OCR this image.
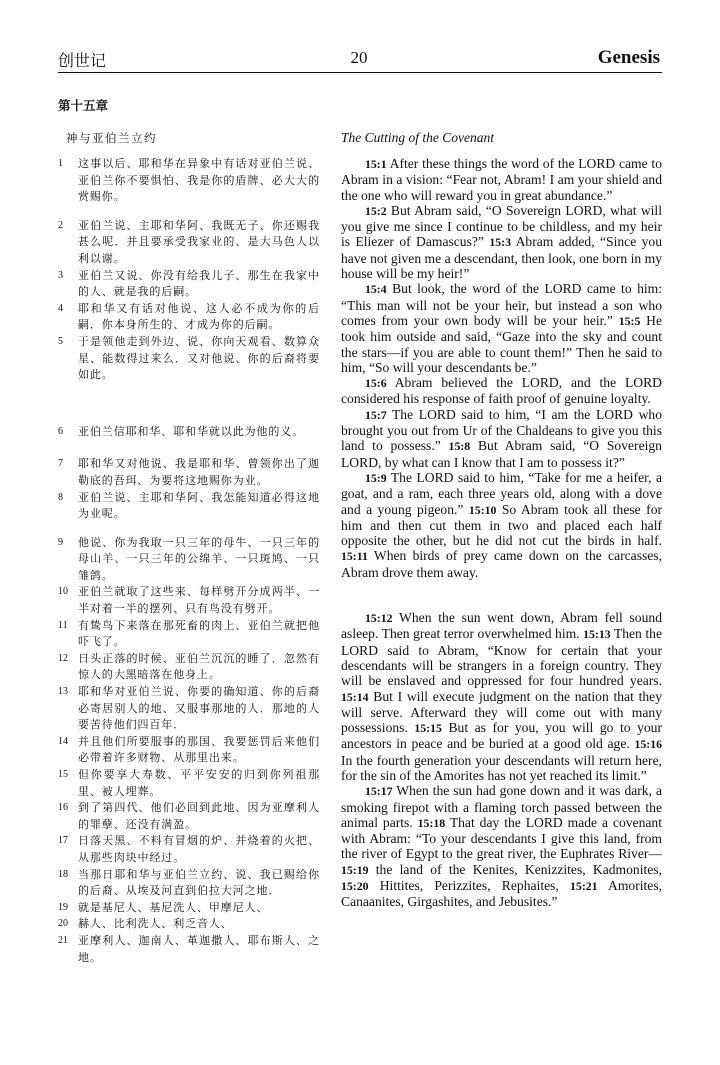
创世记	20	Genesis
第十五章
神与亚伯兰立约
1 这事以后、耶和华在异象中有话对亚伯兰说、亚伯兰你不要惧怕、我是你的盾牌、必大大的赏赐你。
2 亚伯兰说、主耶和华阿、我既无子、你还赐我甚么呢．并且要承受我家业的、是大马色人以利以谢。
3 亚伯兰又说、你没有给我儿子、那生在我家中的人、就是我的后嗣。
4 耶和华又有话对他说、这人必不成为你的后嗣．你本身所生的、才成为你的后嗣。
5 于是领他走到外边、说、你向天观看、数算众星、能数得过来么．又对他说、你的后裔将要如此。
6 亚伯兰信耶和华、耶和华就以此为他的义。
7 耶和华又对他说、我是耶和华、曾领你出了迦勒底的吾珥、为要将这地赐你为业。
8 亚伯兰说、主耶和华阿、我怎能知道必得这地为业呢。
9 他说、你为我取一只三年的母牛、一只三年的母山羊、一只三年的公绵羊、一只斑鸠、一只雏鸽。
10 亚伯兰就取了这些来、每样劈开分成两半、一半对着一半的摆列、只有鸟没有劈开。
11 有鸷鸟下来落在那死畜的肉上、亚伯兰就把他吓飞了。
12 日头正落的时候、亚伯兰沉沉的睡了．忽然有惊人的大黑暗落在他身上。
13 耶和华对亚伯兰说、你要的确知道、你的后裔必寄居别人的地、又服事那地的人．那地的人要苦待他们四百年．
14 并且他们所要服事的那国、我要惩罚后来他们必带着许多财物、从那里出来。
15 但你要享大寿数、平平安安的归到你列祖那里、被人埋葬。
16 到了第四代、他们必回到此地、因为亚摩利人的罪孽、还没有满盈。
17 日落天黑、不料有冒烟的炉、并烧着的火把、从那些肉块中经过。
18 当那日耶和华与亚伯兰立约、说、我已赐给你的后裔、从埃及河直到伯拉大河之地．
19 就是基尼人、基尼洗人、甲摩尼人、
20 赫人、比利洗人、利乏音人、
21 亚摩利人、迦南人、革迦撒人、耶布斯人、之地。
The Cutting of the Covenant

15:1 After these things the word of the LORD came to Abram in a vision: “Fear not, Abram! I am your shield and the one who will reward you in great abundance.”

15:2 But Abram said, “O Sovereign LORD, what will you give me since I continue to be childless, and my heir is Eliezer of Damascus?” 15:3 Abram added, “Since you have not given me a descendant, then look, one born in my house will be my heir!”

15:4 But look, the word of the LORD came to him: “This man will not be your heir, but instead a son who comes from your own body will be your heir.” 15:5 He took him outside and said, “Gaze into the sky and count the stars—if you are able to count them!” Then he said to him, “So will your descendants be.”

15:6 Abram believed the LORD, and the LORD considered his response of faith proof of genuine loyalty.

15:7 The LORD said to him, “I am the LORD who brought you out from Ur of the Chaldeans to give you this land to possess.” 15:8 But Abram said, “O Sovereign LORD, by what can I know that I am to possess it?”

15:9 The LORD said to him, “Take for me a heifer, a goat, and a ram, each three years old, along with a dove and a young pigeon.” 15:10 So Abram took all these for him and then cut them in two and placed each half opposite the other, but he did not cut the birds in half. 15:11 When birds of prey came down on the carcasses, Abram drove them away.

15:12 When the sun went down, Abram fell sound asleep. Then great terror overwhelmed him. 15:13 Then the LORD said to Abram, “Know for certain that your descendants will be strangers in a foreign country. They will be enslaved and oppressed for four hundred years. 15:14 But I will execute judgment on the nation that they will serve. Afterward they will come out with many possessions. 15:15 But as for you, you will go to your ancestors in peace and be buried at a good old age. 15:16 In the fourth generation your descendants will return here, for the sin of the Amorites has not yet reached its limit.”

15:17 When the sun had gone down and it was dark, a smoking firepot with a flaming torch passed between the animal parts. 15:18 That day the LORD made a covenant with Abram: “To your descendants I give this land, from the river of Egypt to the great river, the Euphrates River— 15:19 the land of the Kenites, Kenizzites, Kadmonites, 15:20 Hittites, Perizzites, Rephaites, 15:21 Amorites, Canaanites, Girgashites, and Jebusites.”
